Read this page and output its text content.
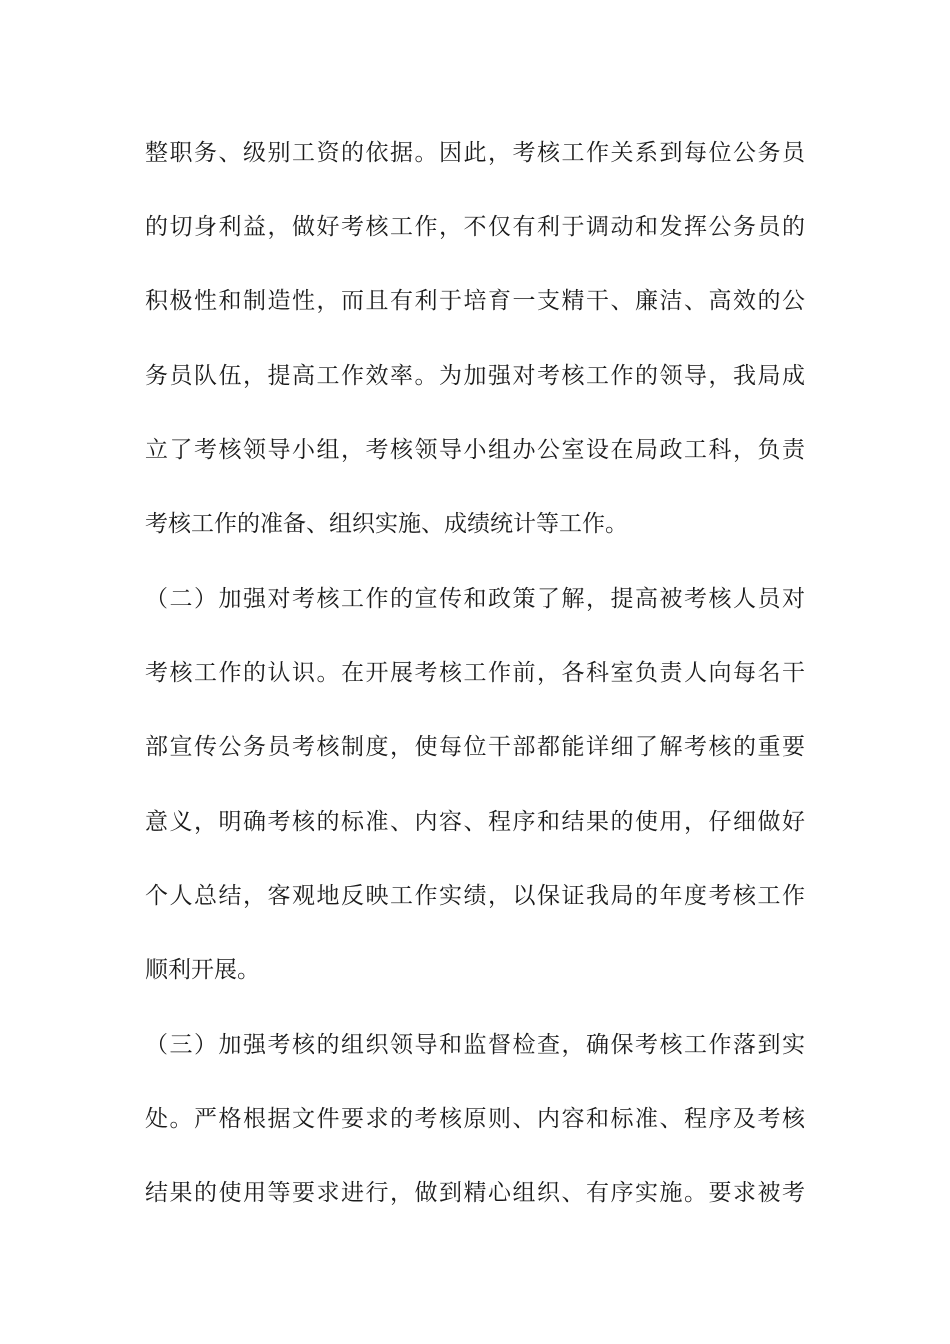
整职务、级别工资的依据。因此，考核工作关系到每位公务员
的切身利益，做好考核工作，不仅有利于调动和发挥公务员的
积极性和制造性，而且有利于培育一支精干、廉洁、高效的公
务员队伍，提高工作效率。为加强对考核工作的领导，我局成
立了考核领导小组，考核领导小组办公室设在局政工科，负责
考核工作的准备、组织实施、成绩统计等工作。
（二）加强对考核工作的宣传和政策了解，提高被考核人员对
考核工作的认识。在开展考核工作前，各科室负责人向每名干
部宣传公务员考核制度，使每位干部都能详细了解考核的重要
意义，明确考核的标准、内容、程序和结果的使用，仔细做好
个人总结，客观地反映工作实绩，以保证我局的年度考核工作
顺利开展。
（三）加强考核的组织领导和监督检查，确保考核工作落到实
处。严格根据文件要求的考核原则、内容和标准、程序及考核
结果的使用等要求进行，做到精心组织、有序实施。要求被考
